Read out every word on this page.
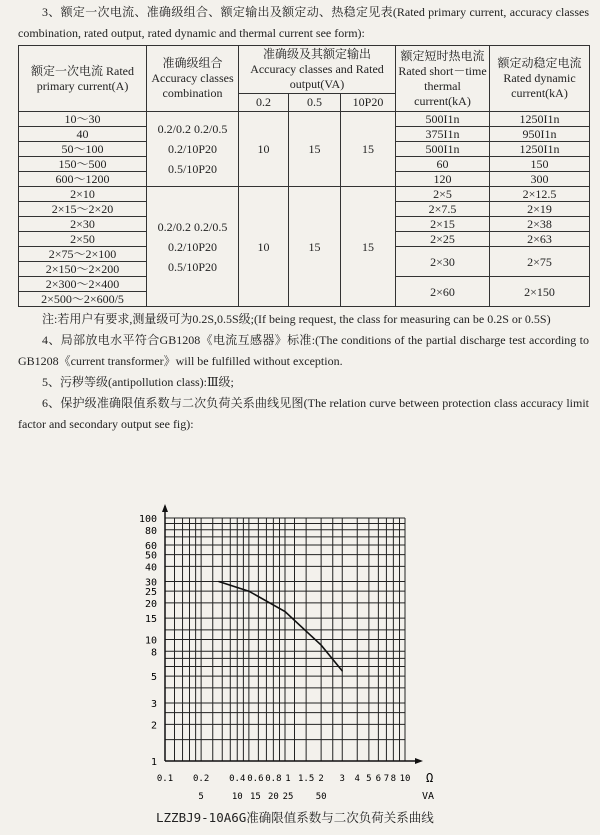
3、额定一次电流、准确级组合、额定输出及额定动、热稳定见表(Rated primary current, accuracy classes combination, rated output, rated dynamic and thermal current see form):

额定一次电流 Rated primary current(A)	准确级组合 Accuracy classes combination	准确级及其额定输出 Accuracy classes and Rated output(VA)			额定短时热电流 Rated short－time thermal current(kA)	额定动稳定电流 Rated dynamic current(kA)
		0.2	0.5	10P20		
10～30	0.2/0.2 0.2/0.5 0.2/10P20 0.5/10P20	10	15	15	500I1n	1250I1n
40					375I1n	950I1n
50～100					500I1n	1250I1n
150～500					60	150
600～1200					120	300
2×10	0.2/0.2 0.2/0.5 0.2/10P20 0.5/10P20	10	15	15	2×5	2×12.5
2×15～2×20					2×7.5	2×19
2×30					2×15	2×38
2×50					2×25	2×63
2×75～2×100					2×30	2×75
2×150～2×200						
2×300～2×400					2×60	2×150
2×500～2×600/5						

注:若用户有要求,测量级可为0.2S,0.5S级;(If being request, the class for measuring can be 0.2S or 0.5S)

4、局部放电水平符合GB1208《电流互感器》标准:(The conditions of the partial discharge test according to GB1208《current transformer》will be fulfilled without exception.

5、污秽等级(antipollution class):Ⅲ级;

6、保护级准确限值系数与二次负荷关系曲线见图(The relation curve between protection class accuracy limit factor and secondary output see fig):

1
2
3
5
8
10
15
20
25
30
40
50
60
80
100
0.1 0.2 0.4 0.6 0.8 1 1.5 2 3 4 5 6 7 8 10
5	10 15 20 25 50
Ω
VA
LZZBJ9-10A6G准确限值系数与二次负荷关系曲线
